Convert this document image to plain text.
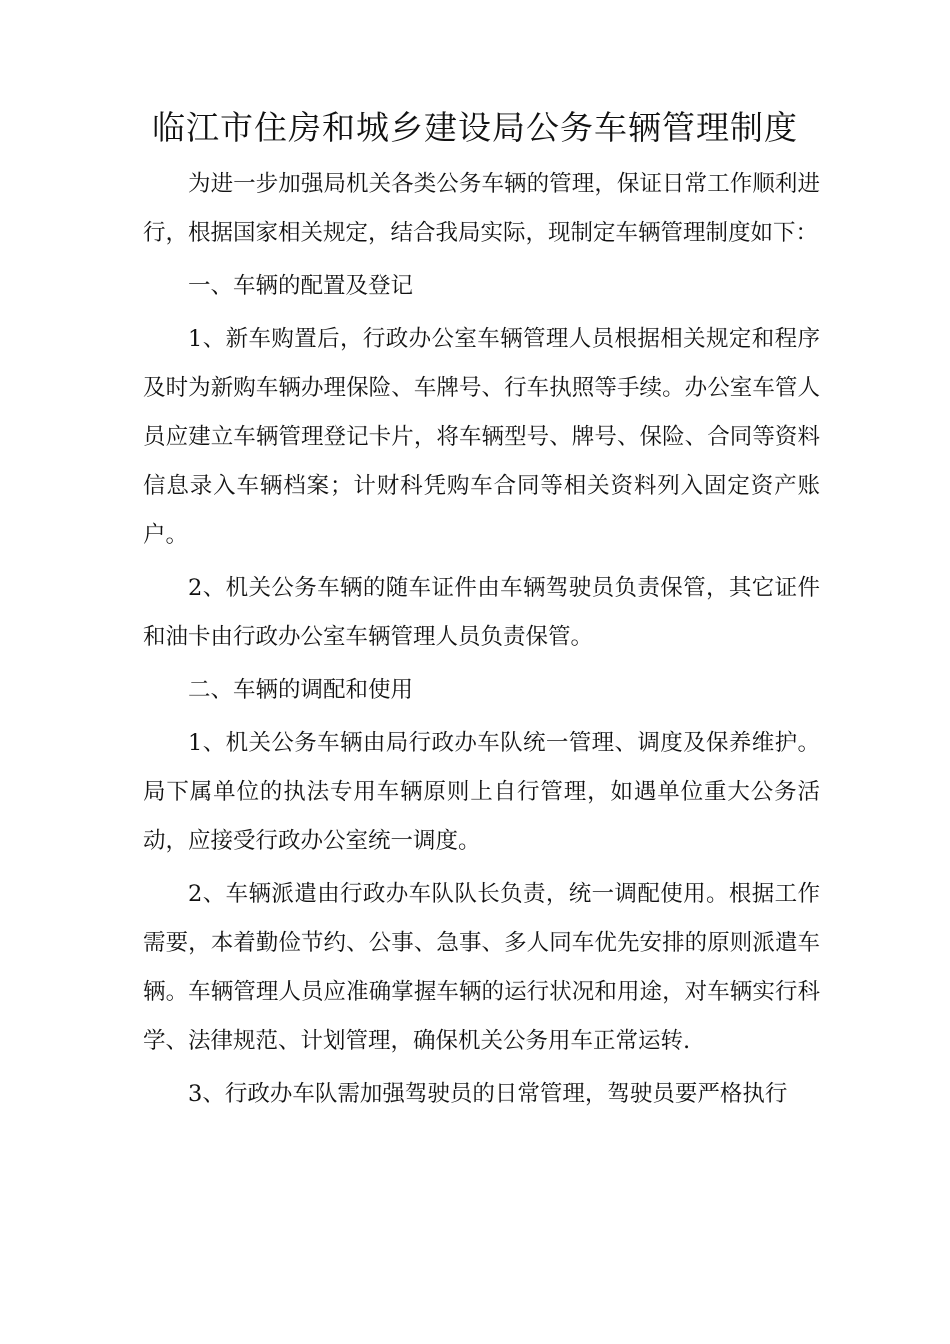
临江市住房和城乡建设局公务车辆管理制度

为进一步加强局机关各类公务车辆的管理，保证日常工作顺利进行，根据国家相关规定，结合我局实际，现制定车辆管理制度如下：

一、车辆的配置及登记

1、新车购置后，行政办公室车辆管理人员根据相关规定和程序及时为新购车辆办理保险、车牌号、行车执照等手续。办公室车管人员应建立车辆管理登记卡片，将车辆型号、牌号、保险、合同等资料信息录入车辆档案；计财科凭购车合同等相关资料列入固定资产账户。

2、机关公务车辆的随车证件由车辆驾驶员负责保管，其它证件和油卡由行政办公室车辆管理人员负责保管。

二、车辆的调配和使用

1、机关公务车辆由局行政办车队统一管理、调度及保养维护。局下属单位的执法专用车辆原则上自行管理，如遇单位重大公务活动，应接受行政办公室统一调度。

2、车辆派遣由行政办车队队长负责，统一调配使用。根据工作需要，本着勤俭节约、公事、急事、多人同车优先安排的原则派遣车辆。车辆管理人员应准确掌握车辆的运行状况和用途，对车辆实行科学、法律规范、计划管理，确保机关公务用车正常运转.

3、行政办车队需加强驾驶员的日常管理，驾驶员要严格执行
